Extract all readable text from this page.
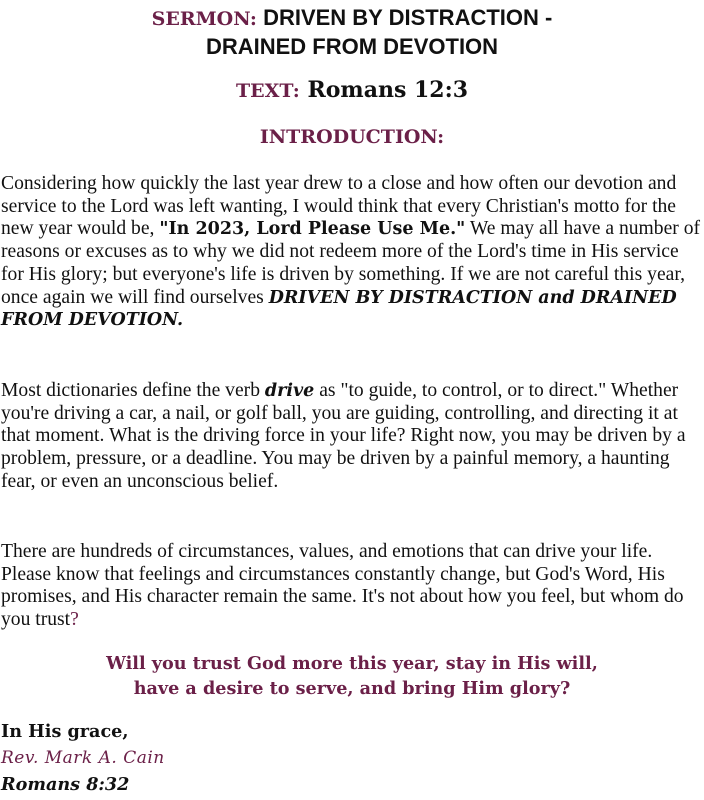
SERMON: DRIVEN BY DISTRACTION -
DRAINED FROM DEVOTION
TEXT: Romans 12:3
INTRODUCTION:

Considering how quickly the last year drew to a close and how often our devotion and service to the Lord was left wanting, I would think that every Christian's motto for the new year would be, "In 2023, Lord Please Use Me." We may all have a number of reasons or excuses as to why we did not redeem more of the Lord's time in His service for His glory; but everyone's life is driven by something. If we are not careful this year, once again we will find ourselves DRIVEN BY DISTRACTION and DRAINED FROM DEVOTION.

Most dictionaries define the verb drive as "to guide, to control, or to direct." Whether you're driving a car, a nail, or golf ball, you are guiding, controlling, and directing it at that moment. What is the driving force in your life? Right now, you may be driven by a problem, pressure, or a deadline. You may be driven by a painful memory, a haunting fear, or even an unconscious belief.

There are hundreds of circumstances, values, and emotions that can drive your life. Please know that feelings and circumstances constantly change, but God's Word, His promises, and His character remain the same. It's not about how you feel, but whom do you trust?

Will you trust God more this year, stay in His will,
have a desire to serve, and bring Him glory?
In His grace,
Rev. Mark A. Cain
Romans 8:32
